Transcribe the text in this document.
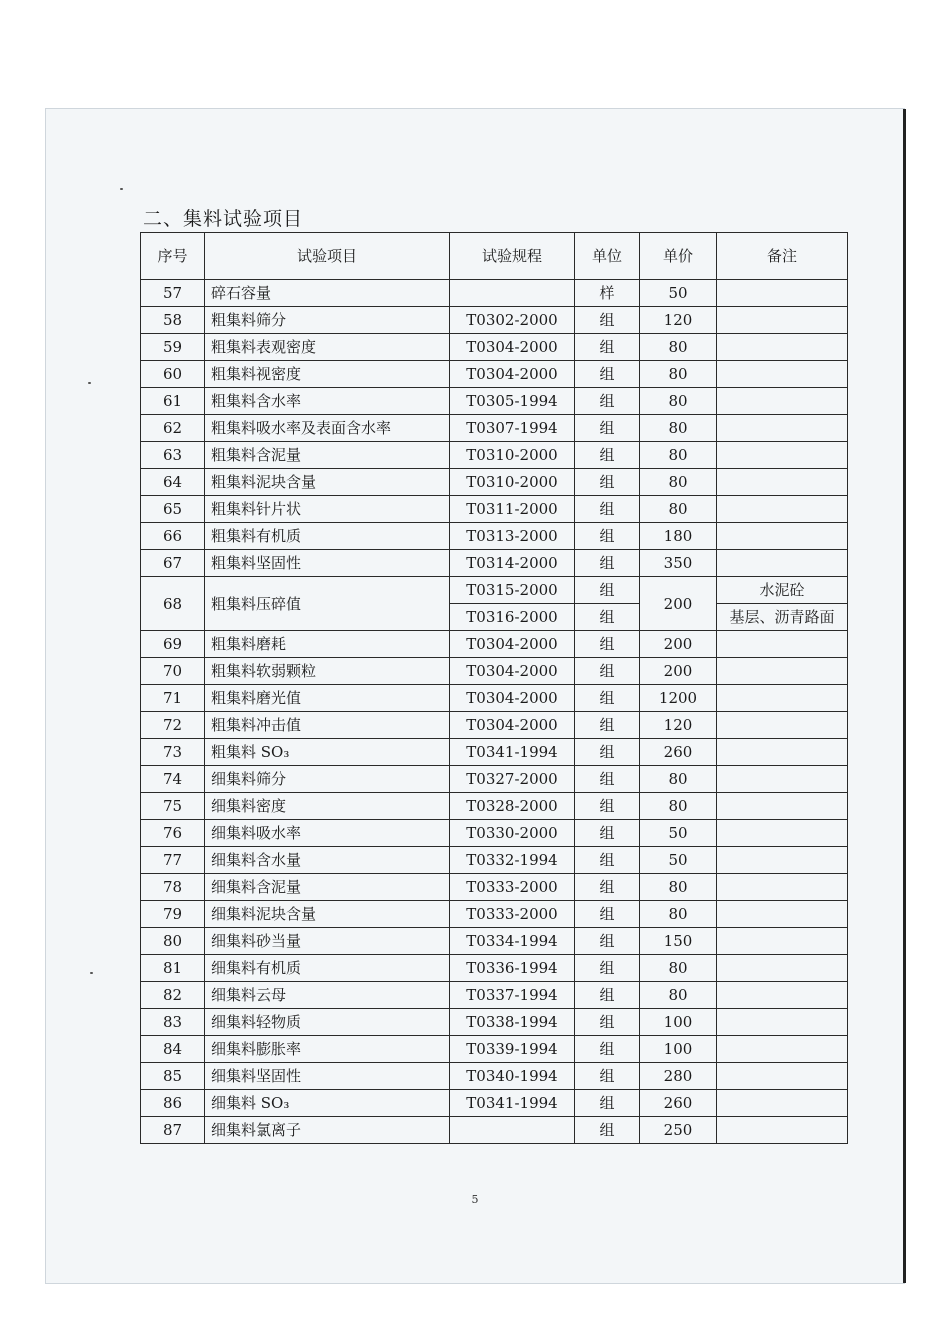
二、集料试验项目
序号	试验项目	试验规程	单位	单价	备注
57	碎石容量		样	50	
58	粗集料筛分	T0302-2000	组	120	
59	粗集料表观密度	T0304-2000	组	80	
60	粗集料视密度	T0304-2000	组	80	
61	粗集料含水率	T0305-1994	组	80	
62	粗集料吸水率及表面含水率	T0307-1994	组	80	
63	粗集料含泥量	T0310-2000	组	80	
64	粗集料泥块含量	T0310-2000	组	80	
65	粗集料针片状	T0311-2000	组	80	
66	粗集料有机质	T0313-2000	组	180	
67	粗集料坚固性	T0314-2000	组	350	
68	粗集料压碎值	T0315-2000	组	200	水泥砼
		T0316-2000	组		基层、沥青路面
69	粗集料磨耗	T0304-2000	组	200	
70	粗集料软弱颗粒	T0304-2000	组	200	
71	粗集料磨光值	T0304-2000	组	1200	
72	粗集料冲击值	T0304-2000	组	120	
73	粗集料 SO₃	T0341-1994	组	260	
74	细集料筛分	T0327-2000	组	80	
75	细集料密度	T0328-2000	组	80	
76	细集料吸水率	T0330-2000	组	50	
77	细集料含水量	T0332-1994	组	50	
78	细集料含泥量	T0333-2000	组	80	
79	细集料泥块含量	T0333-2000	组	80	
80	细集料砂当量	T0334-1994	组	150	
81	细集料有机质	T0336-1994	组	80	
82	细集料云母	T0337-1994	组	80	
83	细集料轻物质	T0338-1994	组	100	
84	细集料膨胀率	T0339-1994	组	100	
85	细集料坚固性	T0340-1994	组	280	
86	细集料 SO₃	T0341-1994	组	260	
87	细集料氯离子		组	250	
5
